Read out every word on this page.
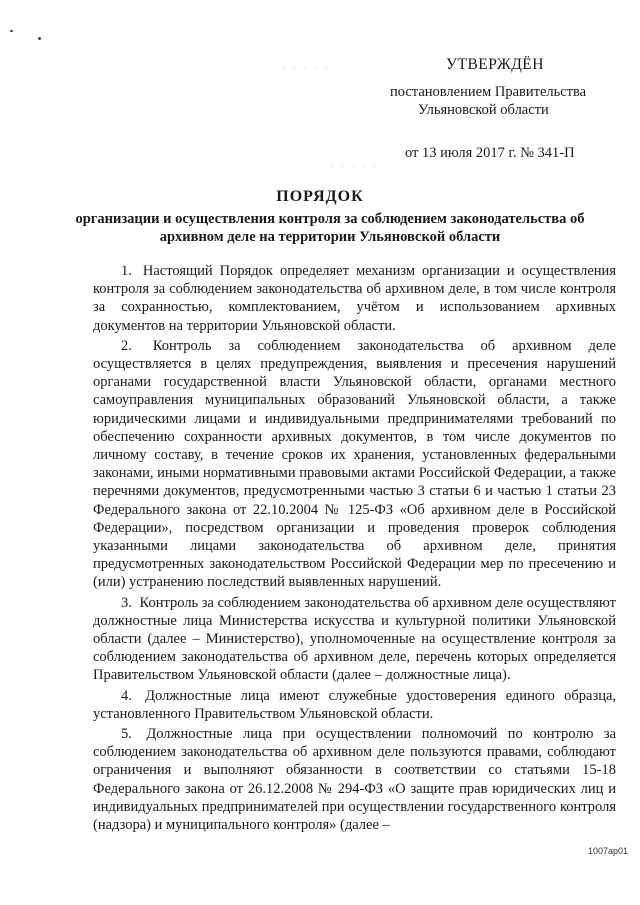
· · · · ·
· · · · ·
УТВЕРЖДЁН
постановлением Правительства
Ульяновской области
от 13 июля 2017 г. № 341-П
ПОРЯДОК
организации и осуществления контроля за соблюдением законодательства об архивном деле на территории Ульяновской области

1. Настоящий Порядок определяет механизм организации и осуществления контроля за соблюдением законодательства об архивном деле, в том числе контроля за сохранностью, комплектованием, учётом и использованием архивных документов на территории Ульяновской области.

2. Контроль за соблюдением законодательства об архивном деле осуществляется в целях предупреждения, выявления и пресечения нарушений органами государственной власти Ульяновской области, органами местного самоуправления муниципальных образований Ульяновской области, а также юридическими лицами и индивидуальными предпринимателями требований по обеспечению сохранности архивных документов, в том числе документов по личному составу, в течение сроков их хранения, установленных федеральными законами, иными нормативными правовыми актами Российской Федерации, а также перечнями документов, предусмотренными частью 3 статьи 6 и частью 1 статьи 23 Федерального закона от 22.10.2004 № 125-ФЗ «Об архивном деле в Российской Федерации», посредством организации и проведения проверок соблюдения указанными лицами законодательства об архивном деле, принятия предусмотренных законодательством Российской Федерации мер по пресечению и (или) устранению последствий выявленных нарушений.

3. Контроль за соблюдением законодательства об архивном деле осуществляют должностные лица Министерства искусства и культурной политики Ульяновской области (далее – Министерство), уполномоченные на осуществление контроля за соблюдением законодательства об архивном деле, перечень которых определяется Правительством Ульяновской области (далее – должностные лица).

4. Должностные лица имеют служебные удостоверения единого образца, установленного Правительством Ульяновской области.

5. Должностные лица при осуществлении полномочий по контролю за соблюдением законодательства об архивном деле пользуются правами, соблюдают ограничения и выполняют обязанности в соответствии со статьями 15-18 Федерального закона от 26.12.2008 № 294-ФЗ «О защите прав юридических лиц и индивидуальных предпринимателей при осуществлении государственного контроля (надзора) и муниципального контроля» (далее –

1007ap01
